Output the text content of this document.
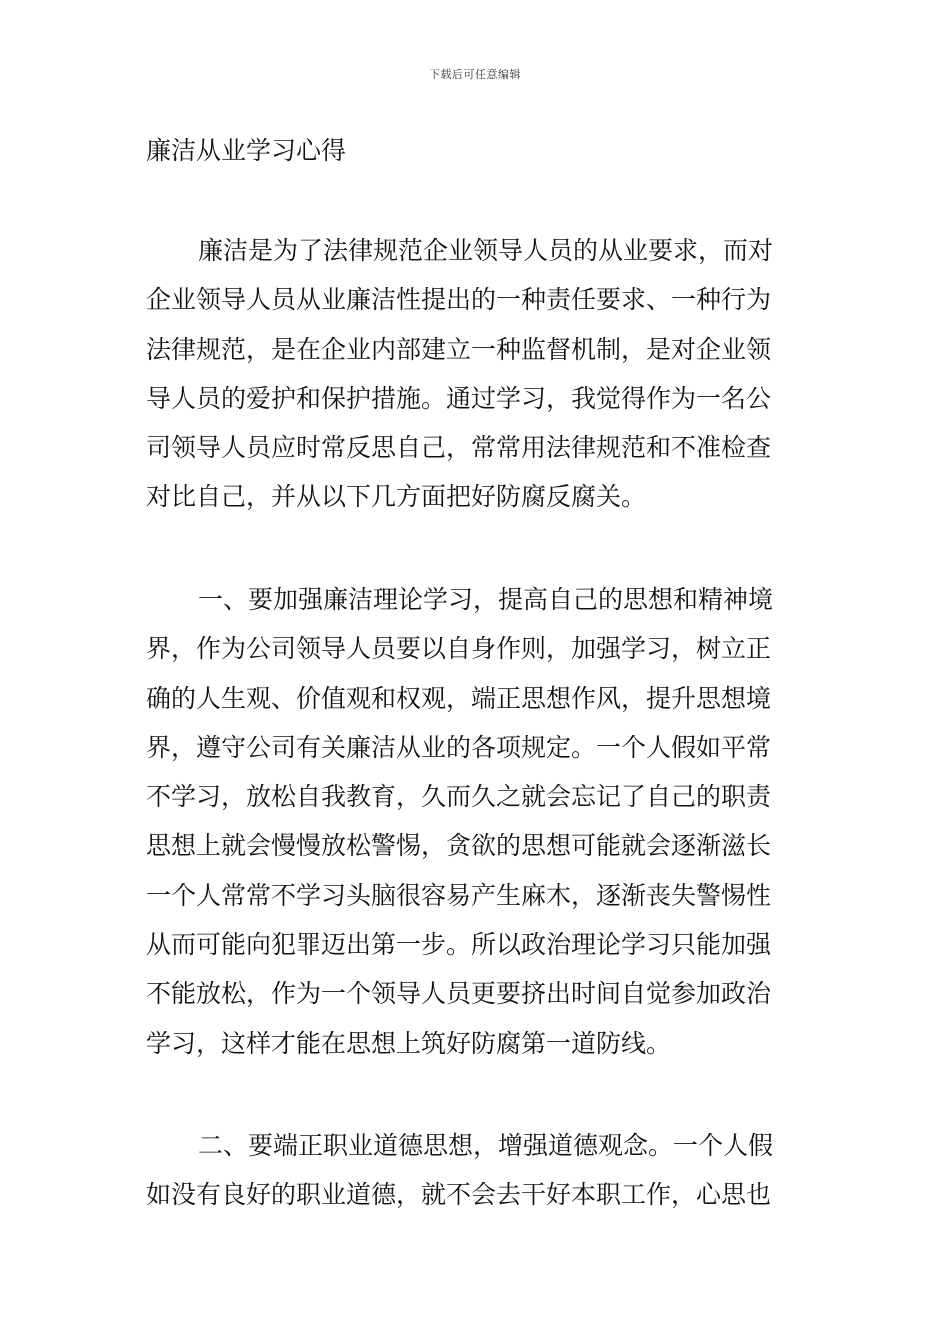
下载后可任意编辑
廉洁从业学习心得
廉洁是为了法律规范企业领导人员的从业要求，而对
企业领导人员从业廉洁性提出的一种责任要求、一种行为
法律规范，是在企业内部建立一种监督机制，是对企业领
导人员的爱护和保护措施。通过学习，我觉得作为一名公
司领导人员应时常反思自己，常常用法律规范和不准检查
对比自己，并从以下几方面把好防腐反腐关。
一、要加强廉洁理论学习，提高自己的思想和精神境
界，作为公司领导人员要以自身作则，加强学习，树立正
确的人生观、价值观和权观，端正思想作风，提升思想境
界，遵守公司有关廉洁从业的各项规定。一个人假如平常
不学习，放松自我教育，久而久之就会忘记了自己的职责
思想上就会慢慢放松警惕，贪欲的思想可能就会逐渐滋长
一个人常常不学习头脑很容易产生麻木，逐渐丧失警惕性
从而可能向犯罪迈出第一步。所以政治理论学习只能加强
不能放松，作为一个领导人员更要挤出时间自觉参加政治
学习，这样才能在思想上筑好防腐第一道防线。
二、要端正职业道德思想，增强道德观念。一个人假
如没有良好的职业道德，就不会去干好本职工作，心思也
